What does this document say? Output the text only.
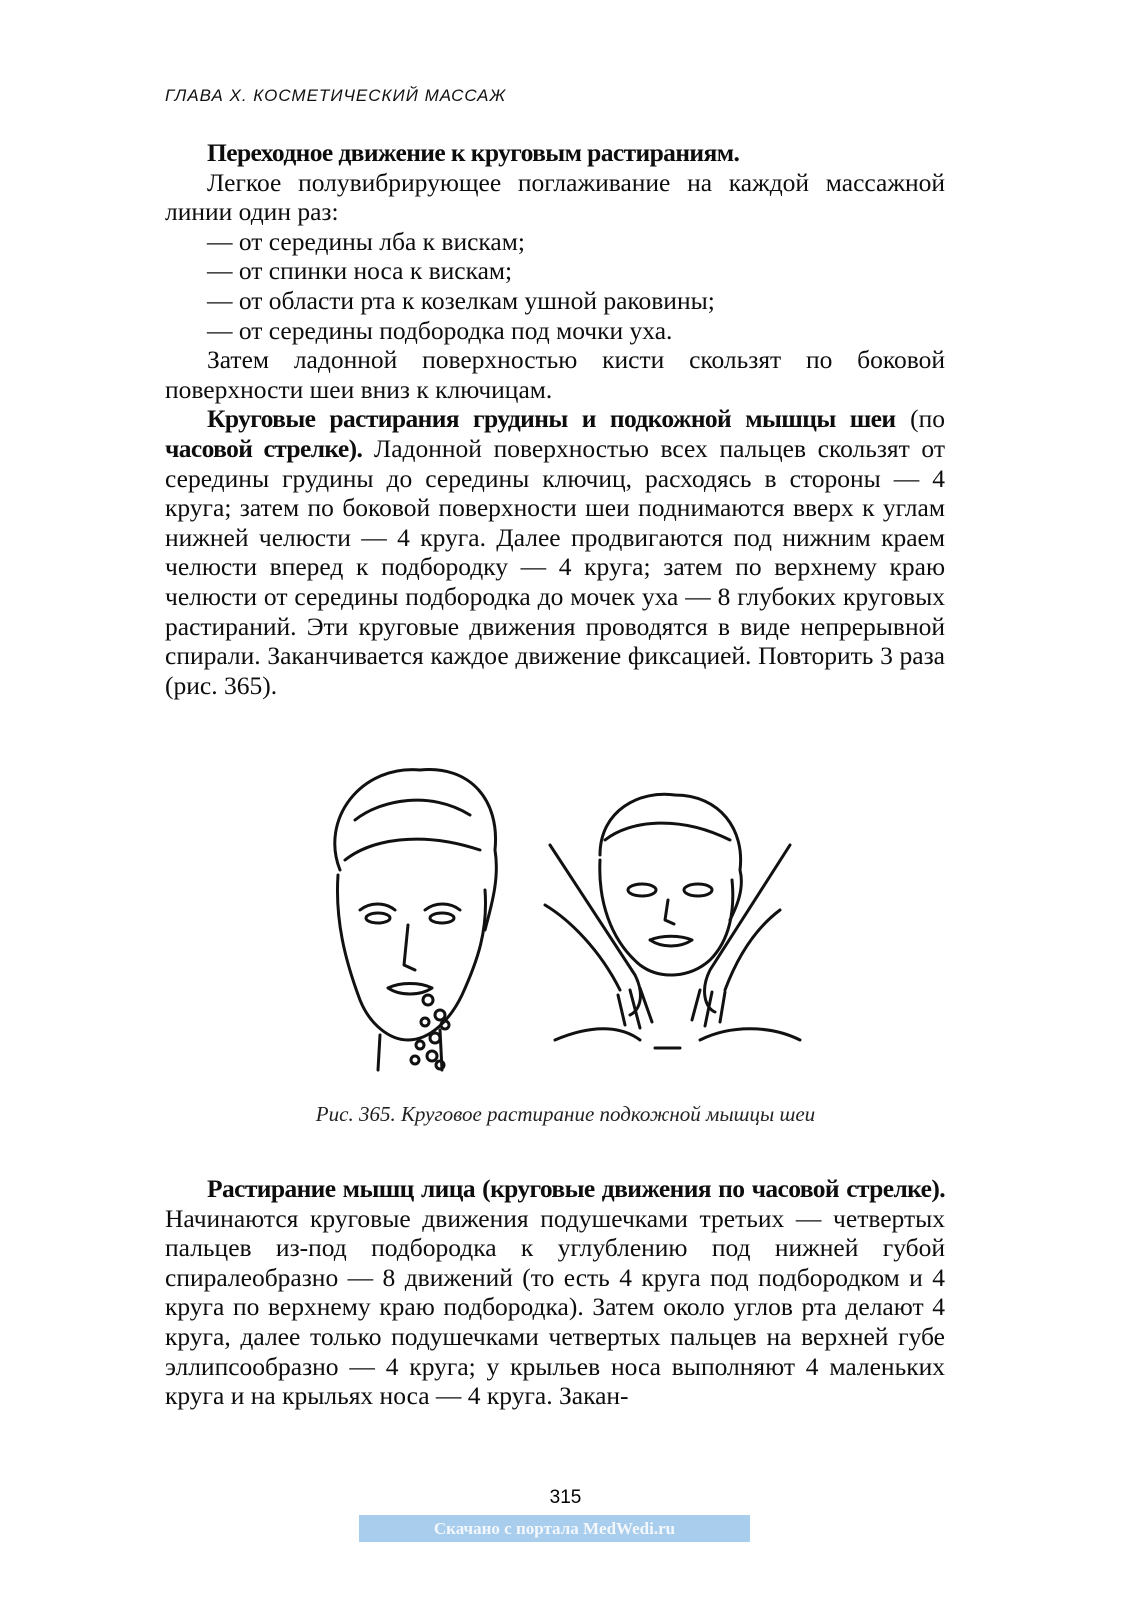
ГЛАВА X. КОСМЕТИЧЕСКИЙ МАССАЖ

Переходное движение к круговым растираниям.

Легкое полувибрирующее поглаживание на каждой массажной линии один раз:

— от середины лба к вискам;

— от спинки носа к вискам;

— от области рта к козелкам ушной раковины;

— от середины подбородка под мочки уха.

Затем ладонной поверхностью кисти скользят по боковой поверхности шеи вниз к ключицам.

Круговые растирания грудины и подкожной мышцы шеи (по часовой стрелке). Ладонной поверхностью всех пальцев скользят от середины грудины до середины ключиц, расходясь в стороны — 4 круга; затем по боковой поверхности шеи поднимаются вверх к углам нижней челюсти — 4 круга. Далее продвигаются под нижним краем челюсти вперед к подбородку — 4 круга; затем по верхнему краю челюсти от середины подбородка до мочек уха — 8 глубоких круговых растираний. Эти круговые движения проводятся в виде непрерывной спирали. Заканчивается каждое движение фиксацией. Повторить 3 раза (рис. 365).

Рис. 365. Круговое растирание подкожной мышцы шеи

Растирание мышц лица (круговые движения по часовой стрелке). Начинаются круговые движения подушечками третьих — четвертых пальцев из-под подбородка к углублению под нижней губой спиралеобразно — 8 движений (то есть 4 круга под подбородком и 4 круга по верхнему краю подбородка). Затем около углов рта делают 4 круга, далее только подушечками четвертых пальцев на верхней губе эллипсообразно — 4 круга; у крыльев носа выполняют 4 маленьких круга и на крыльях носа — 4 круга. Закан-

315
Скачано с портала MedWedi.ru
